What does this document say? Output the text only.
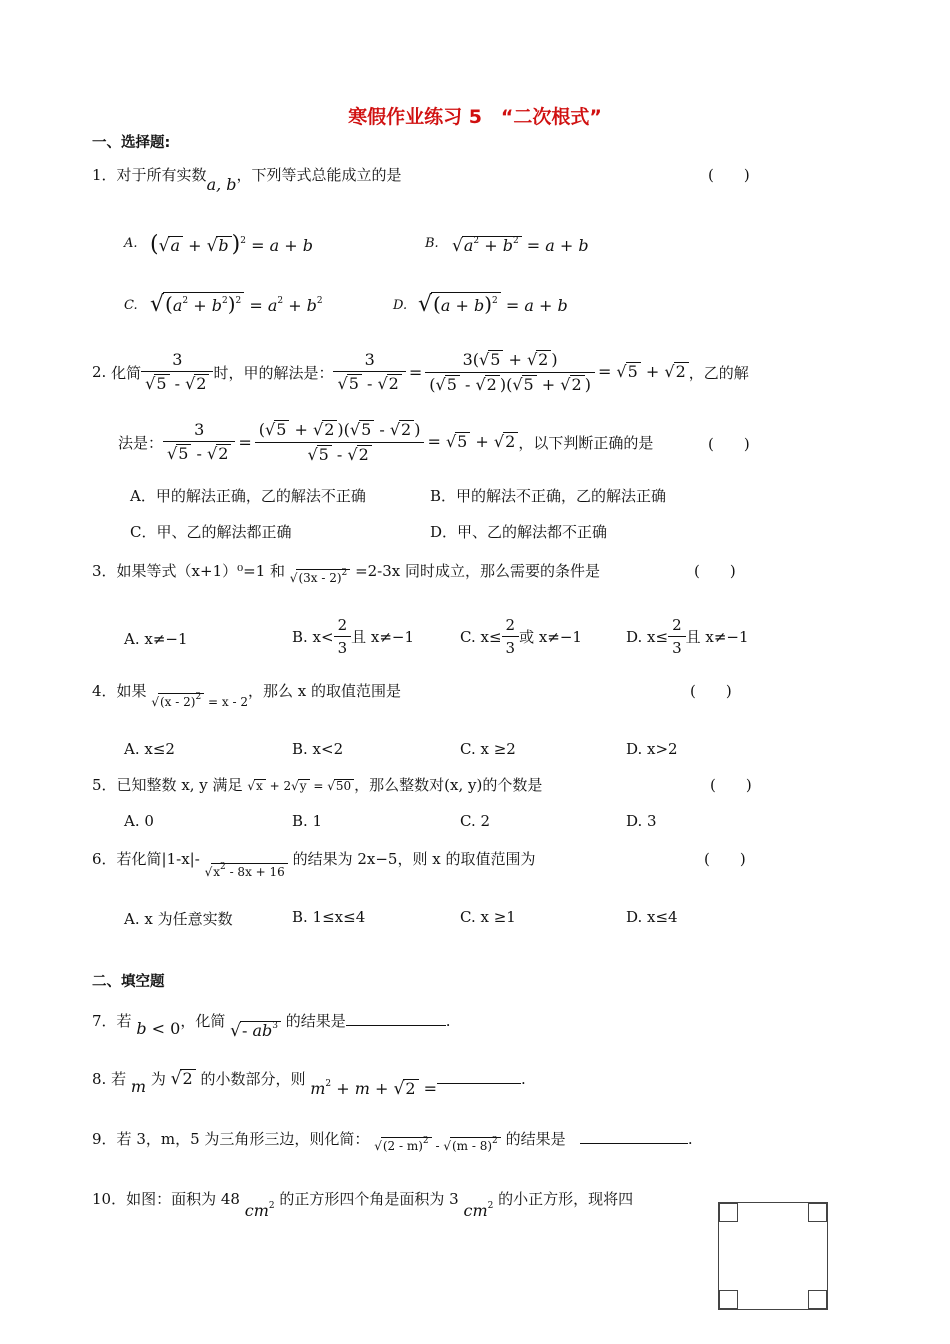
寒假作业练习 5　“二次根式”
一、选择题:
1．对于所有实数a, b，下列等式总能成立的是	(　　)
A. (√a + √b )$^2$ = a + b	B. $√a^2 + b^2 = a + b$
C. $√(a^2 + b^2)^2 = a^2 + b^2$	D. $√(a + b)^2 = a + b$
2.
化简 $\frac{3}{√5 - √2}$ 时，甲的解法是： $\frac{3}{√5 - √2} = \frac{3(√5 + √2 )}{(√5 - √2 )(√5 + √2 )} = √5 + √2$ ，乙的解
法是： $\frac{3}{√5 - √2} = \frac{(√5 + √2 )(√5 - √2 )}{√5 - √2} = √5 + √2$ ，以下判断正确的是	(　　)
A．甲的解法正确，乙的解法不正确	B．甲的解法不正确，乙的解法正确
C．甲、乙的解法都正确	D．甲、乙的解法都不正确
3．如果等式（x+1）⁰=1 和 $_{√(3x - 2)^2}$ =2-3x 同时成立，那么需要的条件是	(　　)
A. x≠−1	B. $x< \frac{2}{3}$ 且 x≠−1	C. $x\le \frac{2}{3}$ 或 x≠−1	D. $x\le \frac{2}{3}$ 且 x≠−1
4．如果 $_{√(x - 2)^2 = x - 2}$，那么 x 的取值范围是	(　　)
A. x≤2	B. x<2	C. x ≥2	D. x>2
5．已知整数 x, y 满足 √x + 2√y = √50 ，那么整数对(x, y)的个数是	(　　)
A. 0	B. 1	C. 2	D. 3
6．若化简|1-x|- $_{√x^2 - 8x + 16}$ 的结果为 2x−5，则 x 的取值范围为	(　　)
A. x 为任意实数	B. 1≤x≤4	C. x ≥1	D. x≤4
二、填空题
7．若 b < 0，化简 √- $ab^3$ 的结果是	.
8. 若 m 为 √2 的小数部分，则 $m^2 + m + √2$ =	.
9．若 3，m，5 为三角形三边，则化简： $_{√(2 - m)^2 - √(m - 8)^2}$ 的结果是	.
10．如图：面积为 48 $cm^2$ 的正方形四个角是面积为 3 $cm^2$ 的小正方形，现将四
